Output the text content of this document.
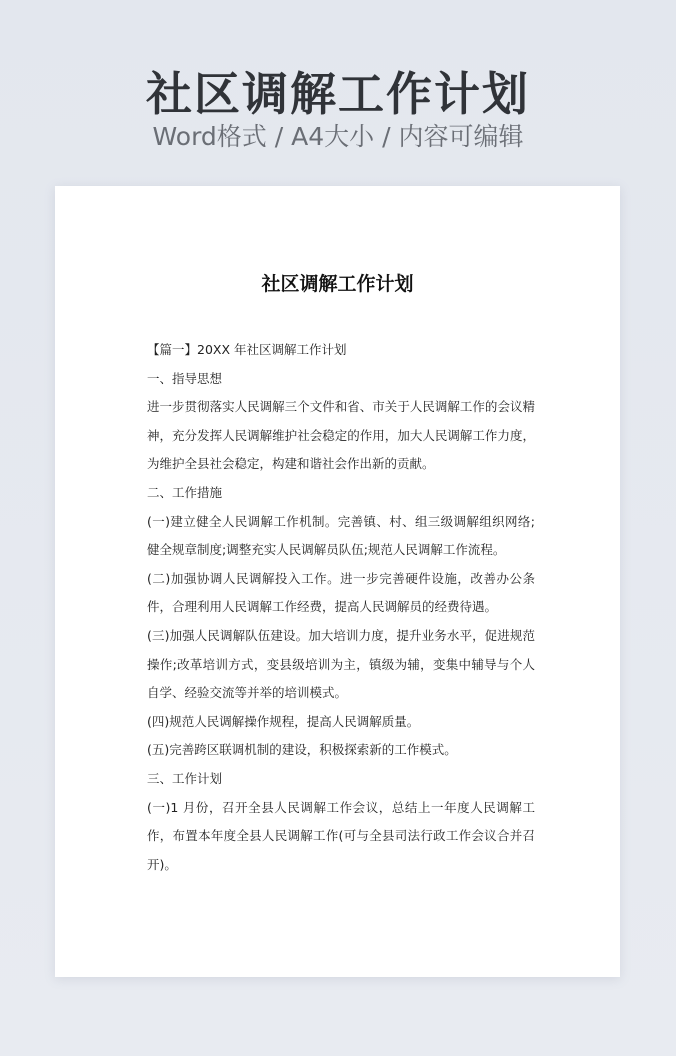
社区调解工作计划
Word格式 / A4大小 / 内容可编辑
社区调解工作计划

【篇一】20XX 年社区调解工作计划

一、指导思想

进一步贯彻落实人民调解三个文件和省、市关于人民调解工作的会议精神，充分发挥人民调解维护社会稳定的作用，加大人民调解工作力度，为维护全县社会稳定，构建和谐社会作出新的贡献。

二、工作措施

(一)建立健全人民调解工作机制。完善镇、村、组三级调解组织网络;健全规章制度;调整充实人民调解员队伍;规范人民调解工作流程。

(二)加强协调人民调解投入工作。进一步完善硬件设施，改善办公条件，合理利用人民调解工作经费，提高人民调解员的经费待遇。

(三)加强人民调解队伍建设。加大培训力度，提升业务水平，促进规范操作;改革培训方式，变县级培训为主，镇级为辅，变集中辅导与个人自学、经验交流等并举的培训模式。

(四)规范人民调解操作规程，提高人民调解质量。

(五)完善跨区联调机制的建设，积极探索新的工作模式。

三、工作计划

(一)1 月份，召开全县人民调解工作会议，总结上一年度人民调解工作，布置本年度全县人民调解工作(可与全县司法行政工作会议合并召开)。
